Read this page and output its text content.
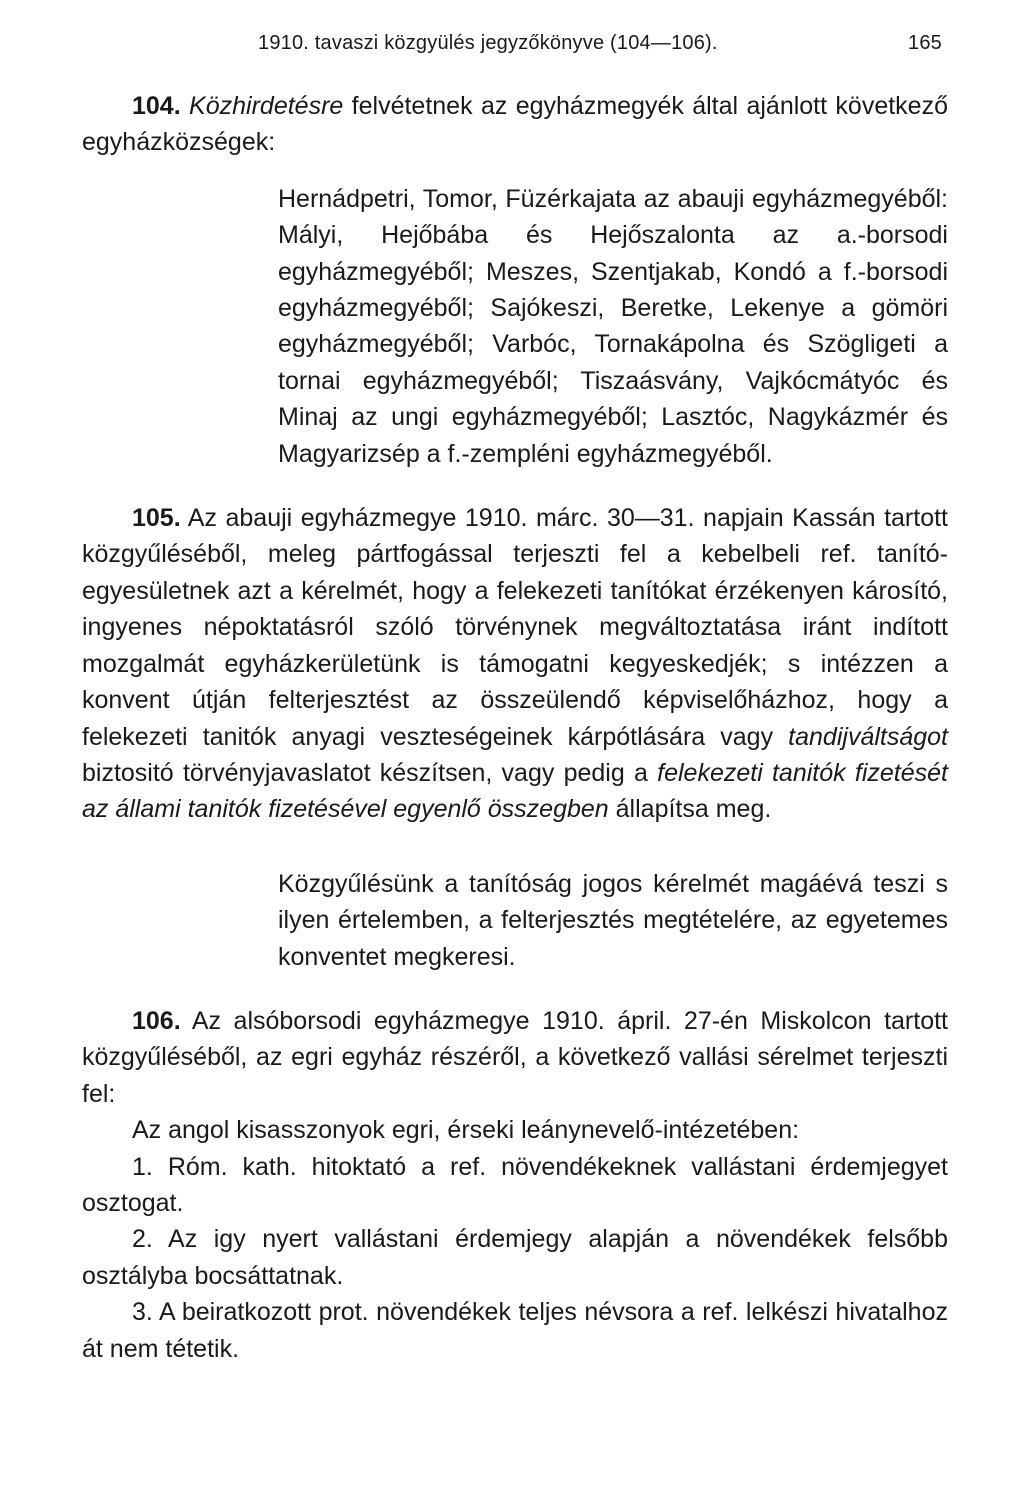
1910. tavaszi közgyülés jegyzőkönyve (104—106).	165

104. Közhirdetésre felvétetnek az egyházmegyék által ajánlott következő egyházközségek:

Hernádpetri, Tomor, Füzérkajata az abauji egyházmegyéből: Mályi, Hejőbába és Hejőszalonta az a.-borsodi egyházmegyéből; Meszes, Szentjakab, Kondó a f.-borsodi egyházmegyéből; Sajókeszi, Beretke, Lekenye a gömöri egyházmegyéből; Varbóc, Tornakápolna és Szögligeti a tornai egyházmegyéből; Tiszaásvány, Vajkócmátyóc és Minaj az ungi egyházmegyéből; Lasztóc, Nagykázmér és Magyarizsép a f.-zempléni egyházmegyéből.

105. Az abauji egyházmegye 1910. márc. 30—31. napjain Kassán tartott közgyűléséből, meleg pártfogással terjeszti fel a kebelbeli ref. tanító-egyesületnek azt a kérelmét, hogy a felekezeti tanítókat érzékenyen károsító, ingyenes népoktatásról szóló törvénynek megváltoztatása iránt indított mozgalmát egyházkerületünk is támogatni kegyeskedjék; s intézzen a konvent útján felterjesztést az összeülendő képviselőházhoz, hogy a felekezeti tanitók anyagi veszteségeinek kárpótlására vagy tandijváltságot biztositó törvényjavaslatot készítsen, vagy pedig a felekezeti tanitók fizetését az állami tanitók fizetésével egyenlő összegben állapítsa meg.

Közgyűlésünk a tanítóság jogos kérelmét magáévá teszi s ilyen értelemben, a felterjesztés megtételére, az egyetemes konventet megkeresi.

106. Az alsóborsodi egyházmegye 1910. ápril. 27-én Miskolcon tartott közgyűléséből, az egri egyház részéről, a következő vallási sérelmet terjeszti fel:

Az angol kisasszonyok egri, érseki leánynevelő-intézetében:

1. Róm. kath. hitoktató a ref. növendékeknek vallástani érdemjegyet osztogat.

2. Az igy nyert vallástani érdemjegy alapján a növendékek felsőbb osztályba bocsáttatnak.

3. A beiratkozott prot. növendékek teljes névsora a ref. lelkészi hivatalhoz át nem tétetik.
